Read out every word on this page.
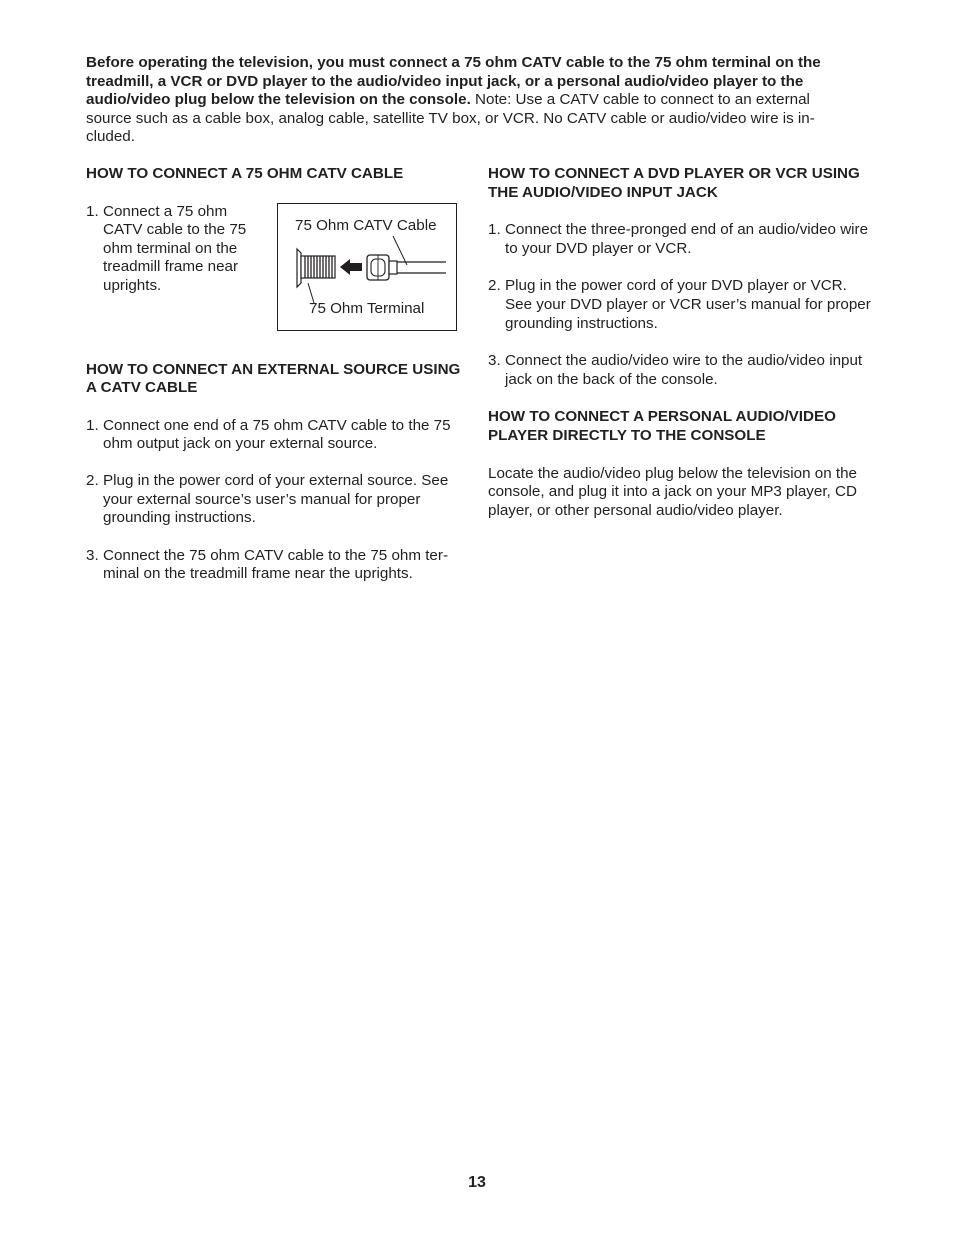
Before operating the television, you must connect a 75 ohm CATV cable to the 75 ohm terminal on the treadmill, a VCR or DVD player to the audio/video input jack, or a personal audio/video player to the audio/video plug below the television on the console. Note: Use a CATV cable to connect to an external source such as a cable box, analog cable, satellite TV box, or VCR. No CATV cable or audio/video wire is in- cluded.
HOW TO CONNECT A 75 OHM CATV CABLE
1. Connect a 75 ohm CATV cable to the 75 ohm terminal on the treadmill frame near uprights.
75 Ohm CATV Cable
75 Ohm Terminal
HOW TO CONNECT AN EXTERNAL SOURCE USING A CATV CABLE
1. Connect one end of a 75 ohm CATV cable to the 75 ohm output jack on your external source.
2. Plug in the power cord of your external source. See your external source’s user’s manual for proper grounding instructions.
3. Connect the 75 ohm CATV cable to the 75 ohm ter- minal on the treadmill frame near the uprights.
HOW TO CONNECT A DVD PLAYER OR VCR USING THE AUDIO/VIDEO INPUT JACK
1. Connect the three-pronged end of an audio/video wire to your DVD player or VCR.
2. Plug in the power cord of your DVD player or VCR. See your DVD player or VCR user’s manual for proper grounding instructions.
3. Connect the audio/video wire to the audio/video input jack on the back of the console.
HOW TO CONNECT A PERSONAL AUDIO/VIDEO PLAYER DIRECTLY TO THE CONSOLE

Locate the audio/video plug below the television on the console, and plug it into a jack on your MP3 player, CD player, or other personal audio/video player.

13
